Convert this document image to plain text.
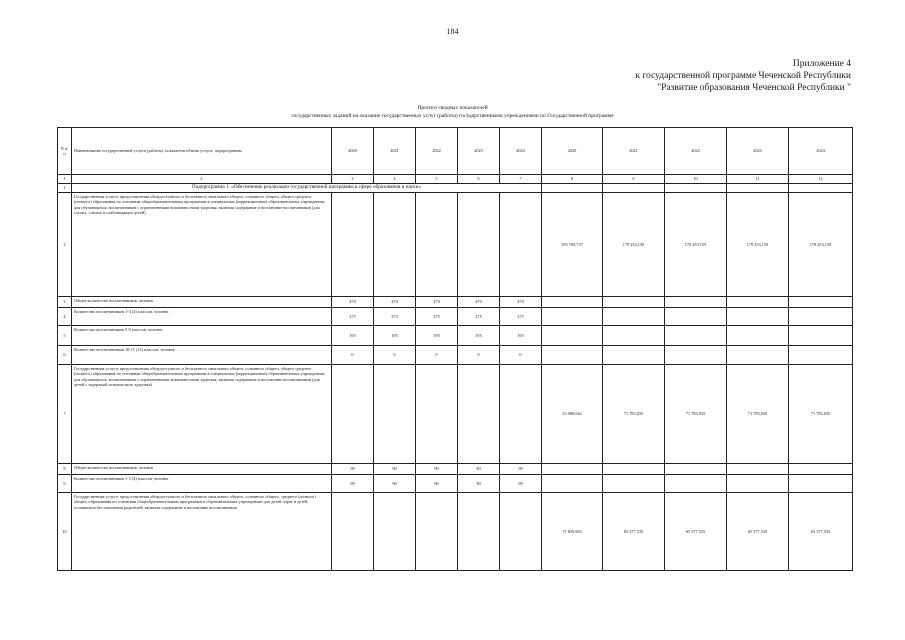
184
Приложение 4
к государственной программе Чеченской Республики
"Развитие образования Чеченской Республики "
Прогноз сводных показателей
государственных заданий на оказание государственных услуг (работы) государственными учреждениями по Государственной программе
N п/п	Наименование государственной услуги (работы), показателя объема услуги, подпрограммы	2020	2021	2022	2023	2024	2020	2021	2022	2023	2024
1	2	3	4	5	6	7	8	9	10	11	12
1	Подпрограмма 1. «Обеспечение реализации государственной программы в сфере образования и науки»										
2	Государственная услуга: предоставления общедоступного и бесплатного начального общего, основного общего, общего среднего (полного) образования по основным общеобразовательным программам в специальных (коррекционных) образовательных учреждениях для обучающихся, воспитанников с ограниченными возможностями здоровья, включая содержание и воспитание воспитанников (для глухих, слепых и слабовидящих детей)						193 769,737	179 253,159	179 253,159	179 253,159	179 253,159
3	Общее количество воспитанников, человек	470	470	470	470	470					
4	Количество воспитанников 1-3 (4) классов, человек	275	275	275	275	275					
5	Количество воспитанников 5-9 классов, человек	195	195	195	195	195					
6	Количество воспитанников 10-11 (12) классов, человек	0	0	0	0	0					
7	Государственная услуга: предоставления общедоступного и бесплатного начального общего, основного общего, общего среднего (полного) образования по основным общеобразовательным программам в специальных (коррекционных) образовательных учреждениях для обучающихся, воспитанников с ограниченными возможностями здоровья, включая содержание и воспитание воспитанников (для детей с задержкой психического здоровья)						23 988,044	71 783,035	71 783,035	71 783,035	71 783,035
8	Общее количество воспитанников, человек	90	90	90	90	90					
9	Количество воспитанников 1-3 (4) классов, человек	90	90	90	90	90					
10	Государственная услуга: предоставления общедоступного и бесплатного начального общего, основного общего, среднего (полного) общего образования по основным общеобразовательным программам в образовательных учреждениях для детей сирот и детей, оставшихся без попечения родителей, включая содержание и воспитание воспитанников						71 859,992	65 377,535	65 377,535	65 377,535	65 377,535
